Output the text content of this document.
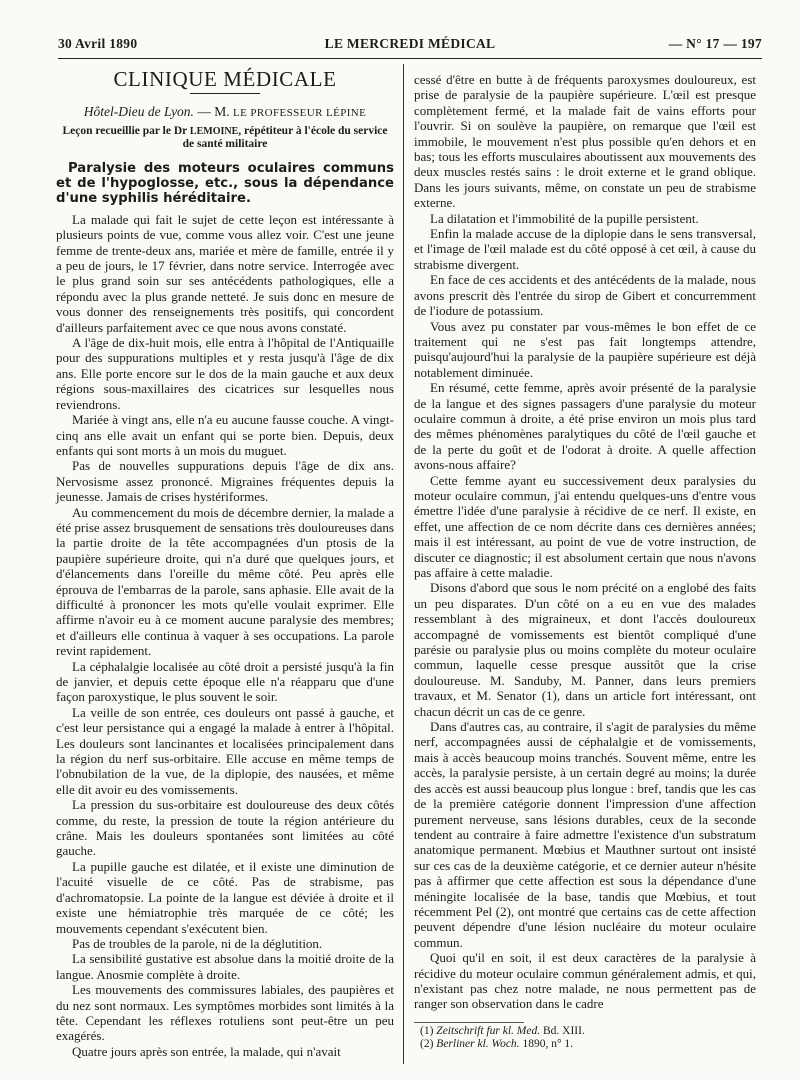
30 Avril 1890	LE MERCREDI MÉDICAL	— N° 17 — 197

CLINIQUE MÉDICALE

Hôtel-Dieu de Lyon. — M. LE PROFESSEUR LÉPINE

Leçon recueillie par le Dr LEMOINE, répétiteur à l'école du service de santé militaire

Paralysie des moteurs oculaires communs et de l'hypoglosse, etc., sous la dépendance d'une syphilis héréditaire.

La malade qui fait le sujet de cette leçon est intéressante à plusieurs points de vue, comme vous allez voir. C'est une jeune femme de trente-deux ans, mariée et mère de famille, entrée il y a peu de jours, le 17 février, dans notre service. Interrogée avec le plus grand soin sur ses antécédents pathologiques, elle a répondu avec la plus grande netteté. Je suis donc en mesure de vous donner des renseignements très positifs, qui concordent d'ailleurs parfaitement avec ce que nous avons constaté.

A l'âge de dix-huit mois, elle entra à l'hôpital de l'Antiquaille pour des suppurations multiples et y resta jusqu'à l'âge de dix ans. Elle porte encore sur le dos de la main gauche et aux deux régions sous-maxillaires des cicatrices sur lesquelles nous reviendrons.

Mariée à vingt ans, elle n'a eu aucune fausse couche. A vingt-cinq ans elle avait un enfant qui se porte bien. Depuis, deux enfants qui sont morts à un mois du muguet.

Pas de nouvelles suppurations depuis l'âge de dix ans. Nervosisme assez prononcé. Migraines fréquentes depuis la jeunesse. Jamais de crises hystériformes.

Au commencement du mois de décembre dernier, la malade a été prise assez brusquement de sensations très douloureuses dans la partie droite de la tête accompagnées d'un ptosis de la paupière supérieure droite, qui n'a duré que quelques jours, et d'élancements dans l'oreille du même côté. Peu après elle éprouva de l'embarras de la parole, sans aphasie. Elle avait de la difficulté à prononcer les mots qu'elle voulait exprimer. Elle affirme n'avoir eu à ce moment aucune paralysie des membres; et d'ailleurs elle continua à vaquer à ses occupations. La parole revint rapidement.

La céphalalgie localisée au côté droit a persisté jusqu'à la fin de janvier, et depuis cette époque elle n'a réapparu que d'une façon paroxystique, le plus souvent le soir.

La veille de son entrée, ces douleurs ont passé à gauche, et c'est leur persistance qui a engagé la malade à entrer à l'hôpital. Les douleurs sont lancinantes et localisées principalement dans la région du nerf sus-orbitaire. Elle accuse en même temps de l'obnubilation de la vue, de la diplopie, des nausées, et même elle dit avoir eu des vomissements.

La pression du sus-orbitaire est douloureuse des deux côtés comme, du reste, la pression de toute la région antérieure du crâne. Mais les douleurs spontanées sont limitées au côté gauche.

La pupille gauche est dilatée, et il existe une diminution de l'acuité visuelle de ce côté. Pas de strabisme, pas d'achromatopsie. La pointe de la langue est déviée à droite et il existe une hémiatrophie très marquée de ce côté; les mouvements cependant s'exécutent bien.

Pas de troubles de la parole, ni de la déglutition.

La sensibilité gustative est absolue dans la moitié droite de la langue. Anosmie complète à droite.

Les mouvements des commissures labiales, des paupières et du nez sont normaux. Les symptômes morbides sont limités à la tête. Cependant les réflexes rotuliens sont peut-être un peu exagérés.

Quatre jours après son entrée, la malade, qui n'avait

cessé d'être en butte à de fréquents paroxysmes douloureux, est prise de paralysie de la paupière supérieure. L'œil est presque complètement fermé, et la malade fait de vains efforts pour l'ouvrir. Si on soulève la paupière, on remarque que l'œil est immobile, le mouvement n'est plus possible qu'en dehors et en bas; tous les efforts musculaires aboutissent aux mouvements des deux muscles restés sains : le droit externe et le grand oblique. Dans les jours suivants, même, on constate un peu de strabisme externe.

La dilatation et l'immobilité de la pupille persistent.

Enfin la malade accuse de la diplopie dans le sens transversal, et l'image de l'œil malade est du côté opposé à cet œil, à cause du strabisme divergent.

En face de ces accidents et des antécédents de la malade, nous avons prescrit dès l'entrée du sirop de Gibert et concurremment de l'iodure de potassium.

Vous avez pu constater par vous-mêmes le bon effet de ce traitement qui ne s'est pas fait longtemps attendre, puisqu'aujourd'hui la paralysie de la paupière supérieure est déjà notablement diminuée.

En résumé, cette femme, après avoir présenté de la paralysie de la langue et des signes passagers d'une paralysie du moteur oculaire commun à droite, a été prise environ un mois plus tard des mêmes phénomènes paralytiques du côté de l'œil gauche et de la perte du goût et de l'odorat à droite. A quelle affection avons-nous affaire?

Cette femme ayant eu successivement deux paralysies du moteur oculaire commun, j'ai entendu quelques-uns d'entre vous émettre l'idée d'une paralysie à récidive de ce nerf. Il existe, en effet, une affection de ce nom décrite dans ces dernières années; mais il est intéressant, au point de vue de votre instruction, de discuter ce diagnostic; il est absolument certain que nous n'avons pas affaire à cette maladie.

Disons d'abord que sous le nom précité on a englobé des faits un peu disparates. D'un côté on a eu en vue des malades ressemblant à des migraineux, et dont l'accès douloureux accompagné de vomissements est bientôt compliqué d'une parésie ou paralysie plus ou moins complète du moteur oculaire commun, laquelle cesse presque aussitôt que la crise douloureuse. M. Sanduby, M. Panner, dans leurs premiers travaux, et M. Senator (1), dans un article fort intéressant, ont chacun décrit un cas de ce genre.

Dans d'autres cas, au contraire, il s'agit de paralysies du même nerf, accompagnées aussi de céphalalgie et de vomissements, mais à accès beaucoup moins tranchés. Souvent même, entre les accès, la paralysie persiste, à un certain degré au moins; la durée des accès est aussi beaucoup plus longue : bref, tandis que les cas de la première catégorie donnent l'impression d'une affection purement nerveuse, sans lésions durables, ceux de la seconde tendent au contraire à faire admettre l'existence d'un substratum anatomique permanent. Mœbius et Mauthner surtout ont insisté sur ces cas de la deuxième catégorie, et ce dernier auteur n'hésite pas à affirmer que cette affection est sous la dépendance d'une méningite localisée de la base, tandis que Mœbius, et tout récemment Pel (2), ont montré que certains cas de cette affection peuvent dépendre d'une lésion nucléaire du moteur oculaire commun.

Quoi qu'il en soit, il est deux caractères de la paralysie à récidive du moteur oculaire commun généralement admis, et qui, n'existant pas chez notre malade, ne nous permettent pas de ranger son observation dans le cadre

(1) Zeitschrift fur kl. Med. Bd. XIII.

(2) Berliner kl. Woch. 1890, n° 1.
